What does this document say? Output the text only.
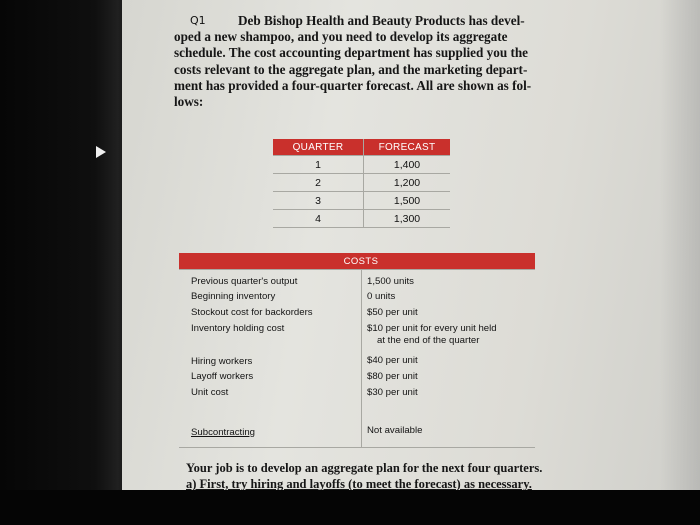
Q1	Deb Bishop Health and Beauty Products has devel-
oped a new shampoo, and you need to develop its aggregate
schedule. The cost accounting department has supplied you the
costs relevant to the aggregate plan, and the marketing depart-
ment has provided a four-quarter forecast. All are shown as fol-
lows:
QUARTER	FORECAST
1	1,400
2	1,200
3	1,500
4	1,300
COSTS
Previous quarter's output	1,500 units
Beginning inventory	0 units
Stockout cost for backorders	$50 per unit
Inventory holding cost	$10 per unit for every unit held
at the end of the quarter
Hiring workers	$40 per unit
Layoff workers	$80 per unit
Unit cost	$30 per unit
Subcontracting	Not available
Your job is to develop an aggregate plan for the next four quarters.
a) First, try hiring and layoffs (to meet the forecast) as necessary.
